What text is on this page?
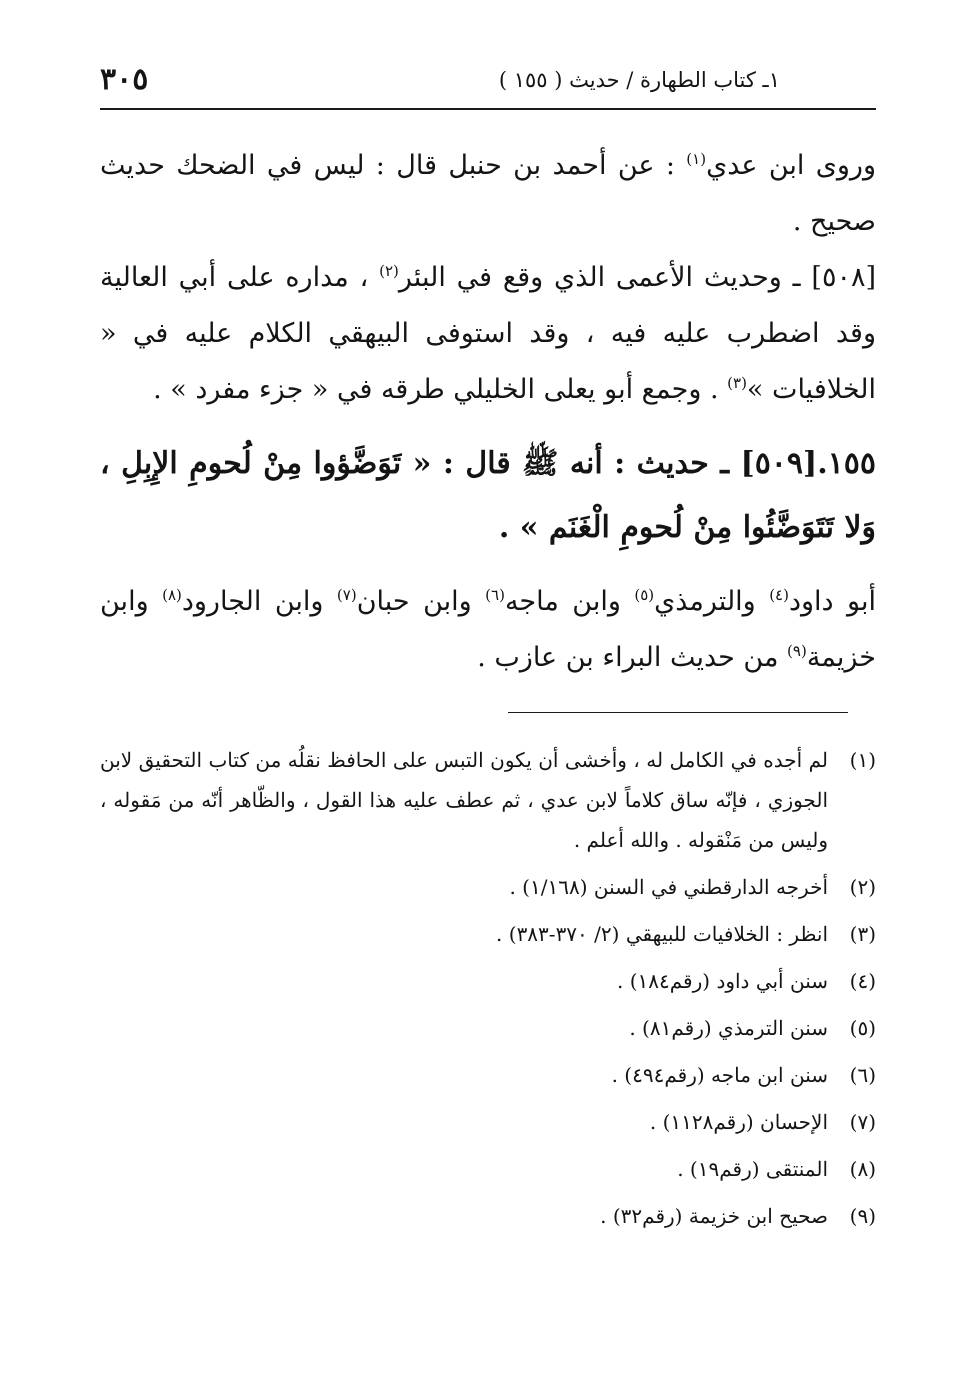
٣٠٥	١ـ كتاب الطهارة / حديث ( ١٥٥ )

وروى ابن عدي$^{(١)}$ : عن أحمد بن حنبل قال : ليس في الضحك حديث صحيح .

[٥٠٨] ـ وحديث الأعمى الذي وقع في البئر$^{(٢)}$ ، مداره على أبي العالية وقد اضطرب عليه فيه ، وقد استوفى البيهقي الكلام عليه في « الخلافيات »$^{(٣)}$ . وجمع أبو يعلى الخليلي طرقه في « جزء مفرد » .

١٥٥.[٥٠٩] ـ حديث : أنه ﷺ قال : « تَوَضَّؤوا مِنْ لُحومِ الإِبِلِ ، وَلا تَتَوَضَّئُوا مِنْ لُحومِ الْغَنَم » .

أبو داود$^{(٤)}$ والترمذي$^{(٥)}$ وابن ماجه$^{(٦)}$ وابن حبان$^{(٧)}$ وابن الجارود$^{(٨)}$ وابن خزيمة$^{(٩)}$ من حديث البراء بن عازب .

(١)
لم أجده في الكامل له ، وأخشى أن يكون التبس على الحافظ نقلُه من كتاب التحقيق لابن الجوزي ، فإنّه ساق كلاماً لابن عدي ، ثم عطف عليه هذا القول ، والظّاهر أنّه من مَقوله ، وليس من مَنْقوله . والله أعلم .
(٢)
أخرجه الدارقطني في السنن (١/١٦٨) .
(٣)
انظر : الخلافيات للبيهقي (٢/ ٣٧٠-٣٨٣) .
(٤)
سنن أبي داود (رقم١٨٤) .
(٥)
سنن الترمذي (رقم٨١) .
(٦)
سنن ابن ماجه (رقم٤٩٤) .
(٧)
الإحسان (رقم١١٢٨) .
(٨)
المنتقى (رقم١٩) .
(٩)
صحيح ابن خزيمة (رقم٣٢) .
